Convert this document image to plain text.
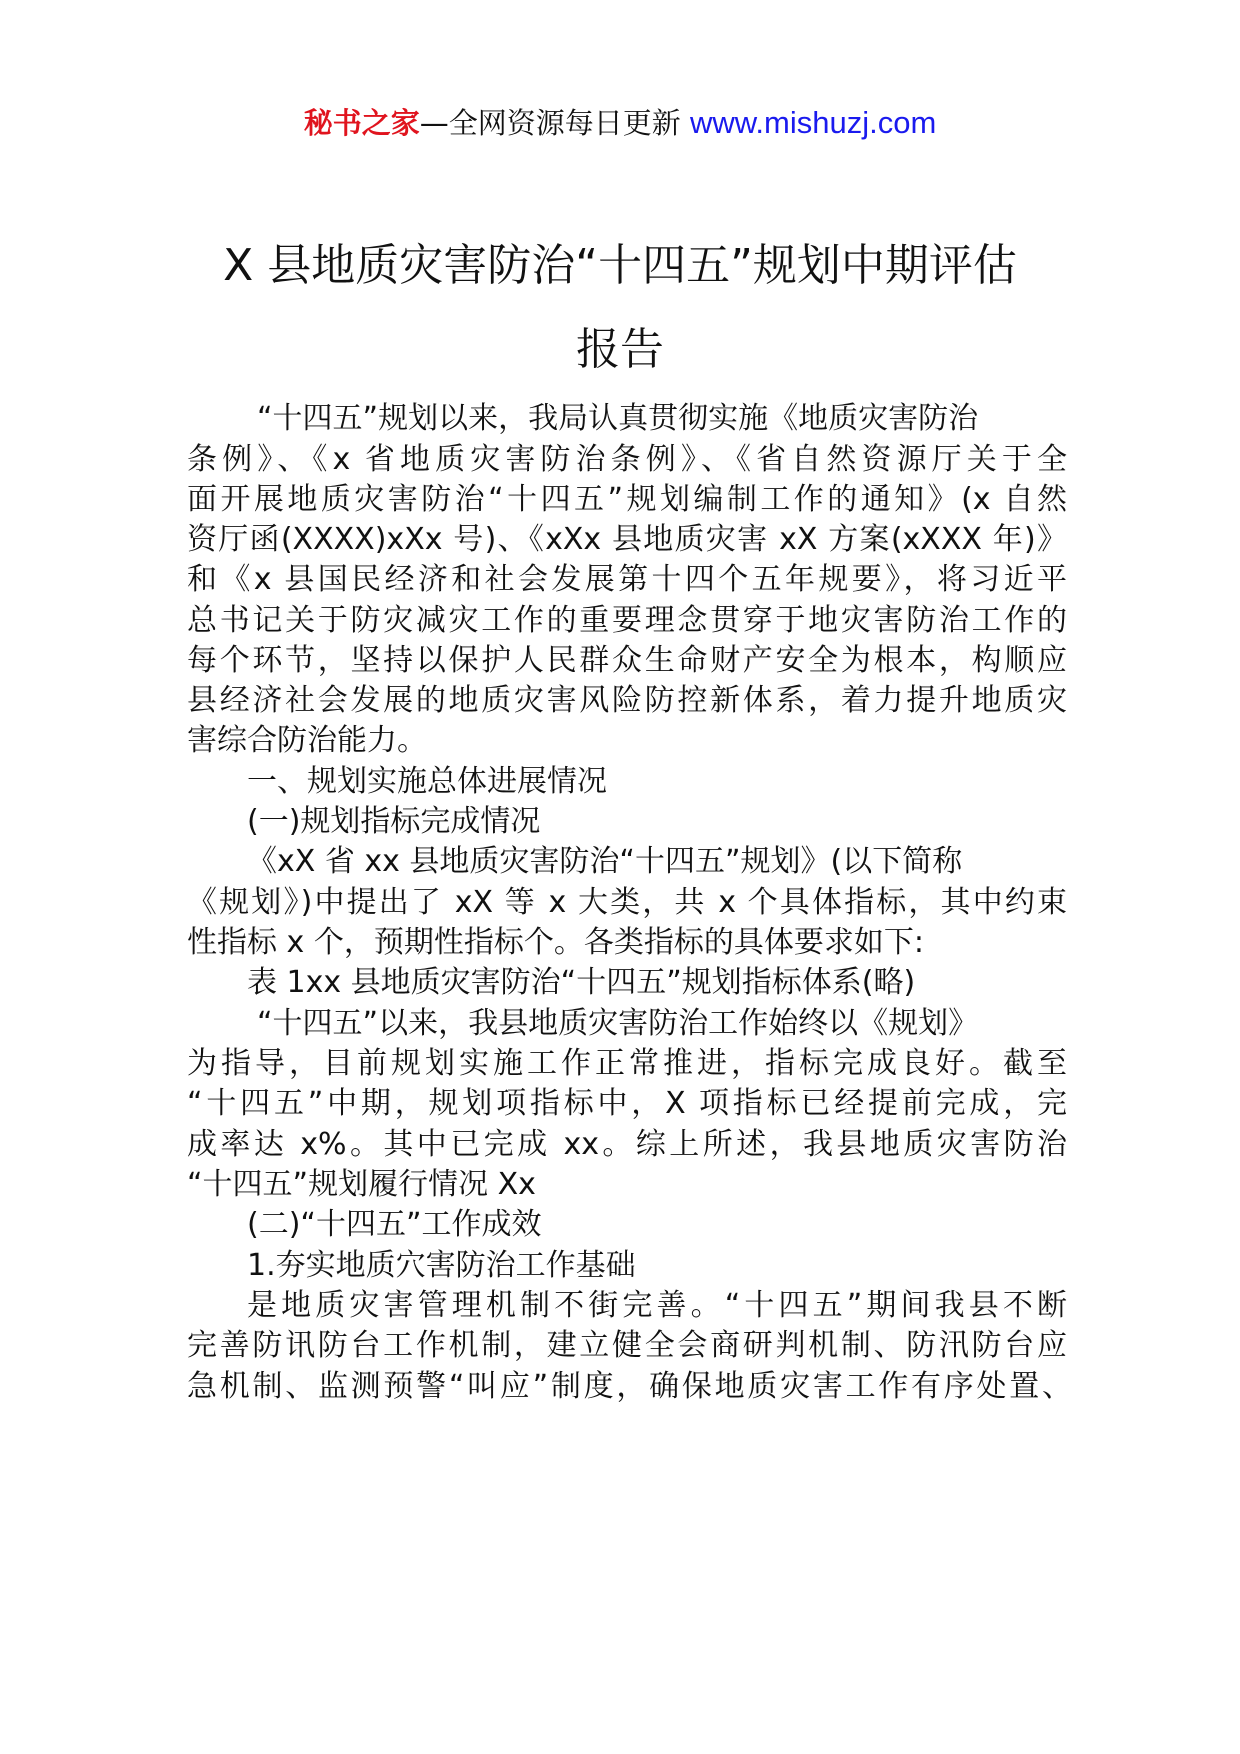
秘书之家—全网资源每日更新 www.mishuzj.com
X 县地质灾害防治“十四五”规划中期评估
报告
“十四五”规划以来，我局认真贯彻实施《地质灾害防治
条例》、《x 省地质灾害防治条例》、《省自然资源厅关于全
面开展地质灾害防治“十四五”规划编制工作的通知》(x 自然
资厅函(XXXX)xXx 号)、《xXx 县地质灾害 xX 方案(xXXX 年)》
和《x 县国民经济和社会发展第十四个五年规要》，将习近平
总书记关于防灾减灾工作的重要理念贯穿于地灾害防治工作的
每个环节，坚持以保护人民群众生命财产安全为根本，构顺应
县经济社会发展的地质灾害风险防控新体系，着力提升地质灾
害综合防治能力。
一、规划实施总体进展情况
(一)规划指标完成情况
《xX 省 xx 县地质灾害防治“十四五”规划》(以下简称
《规划》)中提出了 xX 等 x 大类，共 x 个具体指标，其中约束
性指标 x 个，预期性指标个。各类指标的具体要求如下:
表 1xx 县地质灾害防治“十四五”规划指标体系(略)
“十四五”以来，我县地质灾害防治工作始终以《规划》
为指导，目前规划实施工作正常推进，指标完成良好。截至
“十四五”中期，规划项指标中，X 项指标已经提前完成，完
成率达 x%。其中已完成 xx。综上所述，我县地质灾害防治
“十四五”规划履行情况 Xx
(二)“十四五”工作成效
1.夯实地质穴害防治工作基础
是地质灾害管理机制不街完善。“十四五”期间我县不断
完善防讯防台工作机制，建立健全会商研判机制、防汛防台应
急机制、监测预警“叫应”制度，确保地质灾害工作有序处置、
